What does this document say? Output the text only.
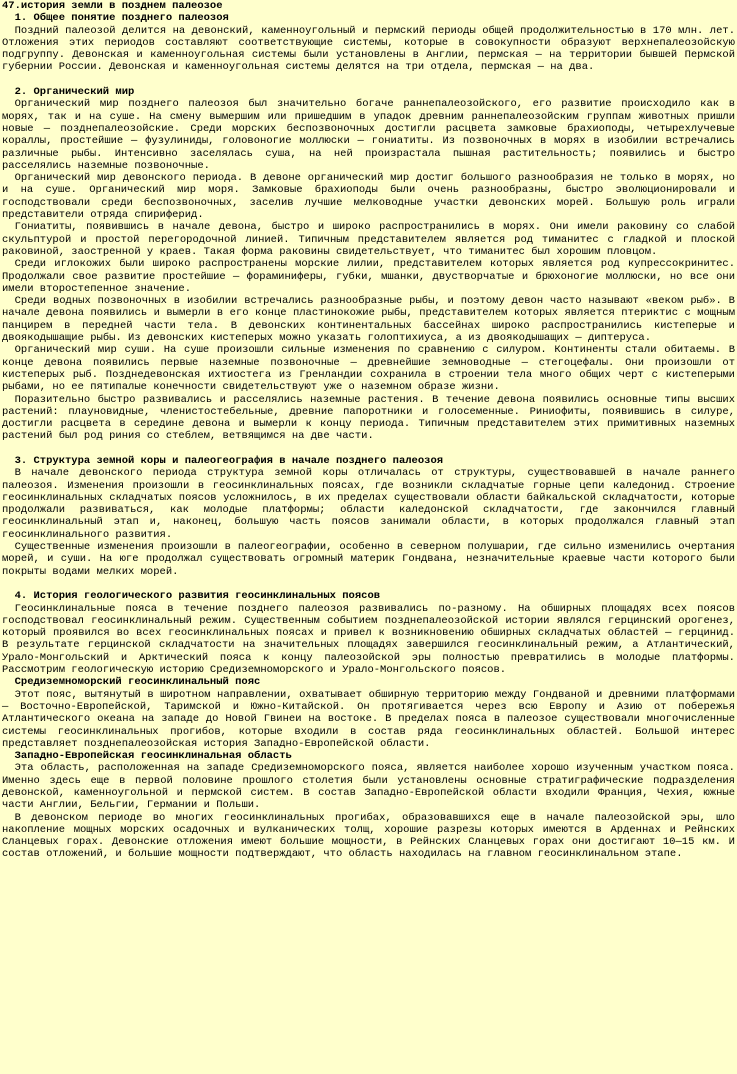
47.история земли в позднем палеозое

1. Общее понятие позднего палеозоя

Поздний палеозой делится на девонский, каменноугольный и пермский периоды общей продолжительностью в 170 млн. лет. Отложения этих периодов составляют соответствующие системы, которые в совокупности образуют верхнепалеозойскую подгруппу. Девонская и каменноугольная системы были установлены в Англии, пермская — на территории бывшей Пермской губернии России. Девонская и каменноугольная системы делятся на три отдела, пермская — на два.

2. Органический мир

Органический мир позднего палеозоя был значительно богаче раннепалеозойского, его развитие происходило как в морях, так и на суше. На смену вымершим или пришедшим в упадок древним раннепалеозойским группам животных пришли новые — позднепалеозойские. Среди морских беспозвоночных достигли расцвета замковые брахиоподы, четырехлучевые кораллы, простейшие — фузулиниды, головоногие моллюски — гониатиты. Из позвоночных в морях в изобилии встречались различные рыбы. Интенсивно заселялась суша, на ней произрастала пышная растительность; появились и быстро расселялись наземные позвоночные.

Органический мир девонского периода. В девоне органический мир достиг большого разнообразия не только в морях, но и на суше. Органический мир моря. Замковые брахиоподы были очень разнообразны, быстро эволюционировали и господствовали среди беспозвоночных, заселив лучшие мелководные участки девонских морей. Большую роль играли представители отряда спириферид.

Гониатиты, появившись в начале девона, быстро и широко распространились в морях. Они имели раковину со слабой скульптурой и простой перегородочной линией. Типичным представителем является род тиманитес с гладкой и плоской раковиной, заостренной у краев. Такая форма раковины свидетельствует, что тиманитес был хорошим пловцом.

Среди иглокожих были широко распространены морские лилии, представителем которых является род купрессокринитес. Продолжали свое развитие простейшие — фораминиферы, губки, мшанки, двустворчатые и брюхоногие моллюски, но все они имели второстепенное значение.

Среди водных позвоночных в изобилии встречались разнообразные рыбы, и поэтому девон часто называют «веком рыб». В начале девона появились и вымерли в его конце пластинокожие рыбы, представителем которых является птериктис с мощным панцирем в передней части тела. В девонских континентальных бассейнах широко распространились кистеперые и двоякодышащие рыбы. Из девонских кистеперых можно указать голоптихиуса, а из двоякодышащих — диптеруса.

Органический мир суши. На суше произошли сильные изменения по сравнению с силуром. Континенты стали обитаемы. В конце девона появились первые наземные позвоночные — древнейшие земноводные — стегоцефалы. Они произошли от кистеперых рыб. Позднедевонская ихтиостега из Гренландии сохранила в строении тела много общих черт с кистеперыми рыбами, но ее пятипалые конечности свидетельствуют уже о наземном образе жизни.

Поразительно быстро развивались и расселялись наземные растения. В течение девона появились основные типы высших растений: плауновидные, членистостебельные, древние папоротники и голосеменные. Риниофиты, появившись в силуре, достигли расцвета в середине девона и вымерли к концу периода. Типичным представителем этих примитивных наземных растений был род риния со стеблем, ветвящимся на две части.

3. Структура земной коры и палеогеография в начале позднего палеозоя

В начале девонского периода структура земной коры отличалась от структуры, существовавшей в начале раннего палеозоя. Изменения произошли в геосинклинальных поясах, где возникли складчатые горные цепи каледонид. Строение геосинклинальных складчатых поясов усложнилось, в их пределах существовали области байкальской складчатости, которые продолжали развиваться, как молодые платформы; области каледонской складчатости, где закончился главный геосинклинальный этап и, наконец, большую часть поясов занимали области, в которых продолжался главный этап геосинклинального развития.

Существенные изменения произошли в палеогеографии, особенно в северном полушарии, где сильно изменились очертания морей, и суши. На юге продолжал существовать огромный материк Гондвана, незначительные краевые части которого были покрыты водами мелких морей.

4. История геологического развития геосинклинальных поясов

Геосинклинальные пояса в течение позднего палеозоя развивались по-разному. На обширных площадях всех поясов господствовал геосинклинальный режим. Существенным событием позднепалеозойской истории являлся герцинский орогенез, который проявился во всех геосинклинальных поясах и привел к возникновению обширных складчатых областей — герцинид. В результате герцинской складчатости на значительных площадях завершился геосинклинальный режим, а Атлантический, Урало-Монгольский и Арктический пояса к концу палеозойской эры полностью превратились в молодые платформы. Рассмотрим геологическую историю Средиземноморского и Урало-Монгольского поясов.

Средиземноморский геосинклинальный пояс

Этот пояс, вытянутый в широтном направлении, охватывает обширную территорию между Гондваной и древними платформами — Восточно-Европейской, Таримской и Южно-Китайской. Он протягивается через всю Европу и Азию от побережья Атлантического океана на западе до Новой Гвинеи на востоке. В пределах пояса в палеозое существовали многочисленные системы геосинклинальных прогибов, которые входили в состав ряда геосинклинальных областей. Большой интерес представляет позднепалеозойская история Западно-Европейской области.

Западно-Европейская геосинклинальная область

Эта область, расположенная на западе Средиземноморского пояса, является наиболее хорошо изученным участком пояса. Именно здесь еще в первой половине прошлого столетия были установлены основные стратиграфические подразделения девонской, каменноугольной и пермской систем. В состав Западно-Европейской области входили Франция, Чехия, южные части Англии, Бельгии, Германии и Польши.

В девонском периоде во многих геосинклинальных прогибах, образовавшихся еще в начале палеозойской эры, шло накопление мощных морских осадочных и вулканических толщ, хорошие разрезы которых имеются в Арденнах и Рейнских Сланцевых горах. Девонские отложения имеют большие мощности, в Рейнских Сланцевых горах они достигают 10—15 км. И состав отложений, и большие мощности подтверждают, что область находилась на главном геосинклинальном этапе.
